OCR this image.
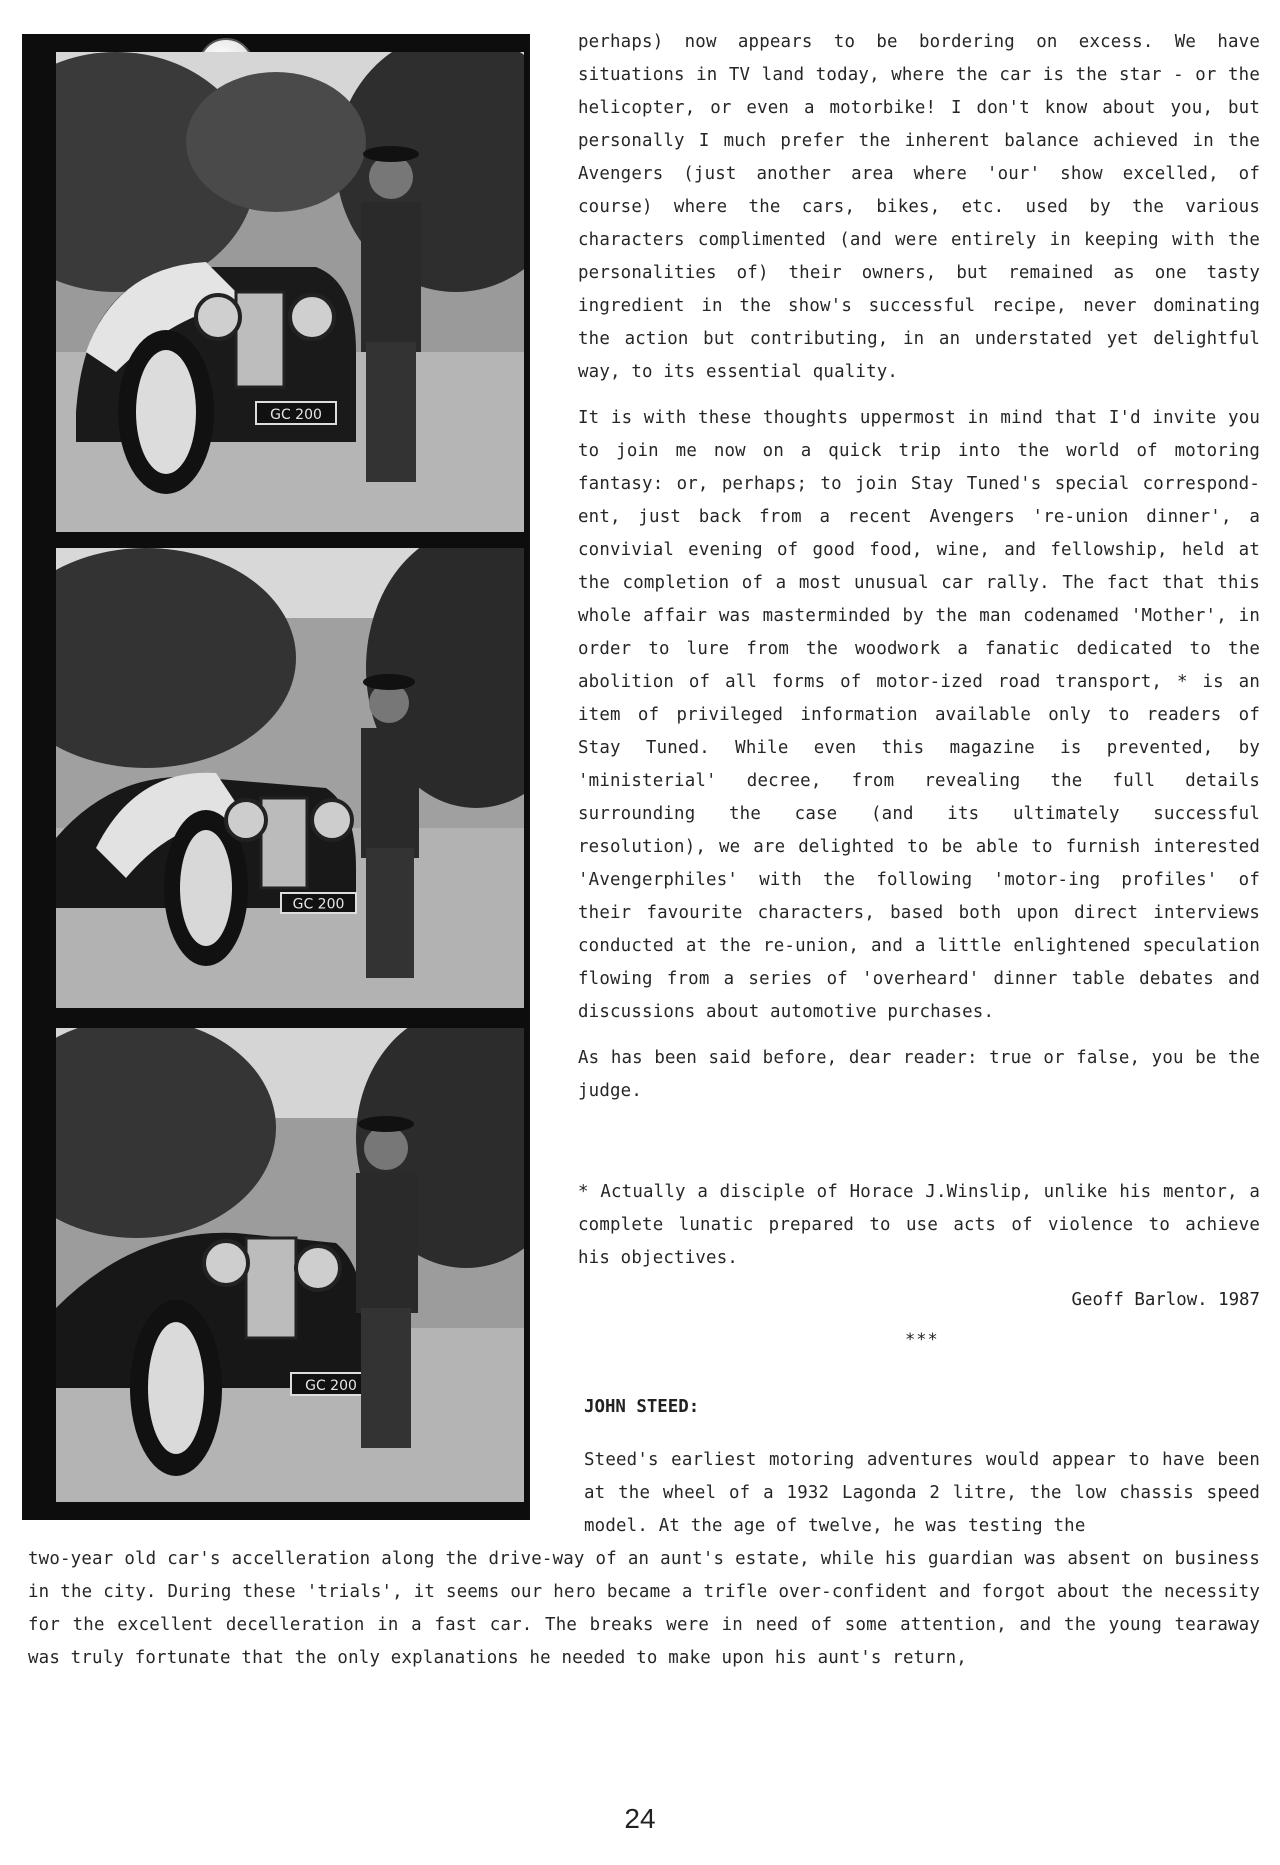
GC 200
GC 200
GC 200

perhaps) now appears to be bordering on excess. We have situations in TV land today, where the car is the star - or the helicopter, or even a motorbike! I don't know about you, but personally I much prefer the inherent balance achieved in the Avengers (just another area where 'our' show excelled, of course) where the cars, bikes, etc. used by the various characters complimented (and were entirely in keeping with the personalities of) their owners, but remained as one tasty ingredient in the show's successful recipe, never dominating the action but contributing, in an understated yet delightful way, to its essential quality.

It is with these thoughts uppermost in mind that I'd invite you to join me now on a quick trip into the world of motoring fantasy: or, perhaps; to join Stay Tuned's special correspond-ent, just back from a recent Avengers 're-union dinner', a convivial evening of good food, wine, and fellowship, held at the completion of a most unusual car rally. The fact that this whole affair was masterminded by the man codenamed 'Mother', in order to lure from the woodwork a fanatic dedicated to the abolition of all forms of motor-ized road transport, * is an item of privileged information available only to readers of Stay Tuned. While even this magazine is prevented, by 'ministerial' decree, from revealing the full details surrounding the case (and its ultimately successful resolution), we are delighted to be able to furnish interested 'Avengerphiles' with the following 'motor-ing profiles' of their favourite characters, based both upon direct interviews conducted at the re-union, and a little enlightened speculation flowing from a series of 'overheard' dinner table debates and discussions about automotive purchases.

As has been said before, dear reader: true or false, you be the judge.

* Actually a disciple of Horace J.Winslip, unlike his mentor, a complete lunatic prepared to use acts of violence to achieve his objectives.
Geoff Barlow. 1987
***
JOHN STEED:
Steed's earliest motoring adventures would appear to have been at the wheel of a 1932 Lagonda 2 litre, the low chassis speed model. At the age of twelve, he was testing the
two-year old car's accelleration along the drive-way of an aunt's estate, while his guardian was absent on business in the city. During these 'trials', it seems our hero became a trifle over-confident and forgot about the necessity for the excellent decelleration in a fast car. The breaks were in need of some attention, and the young tearaway was truly fortunate that the only explanations he needed to make upon his aunt's return,
24
